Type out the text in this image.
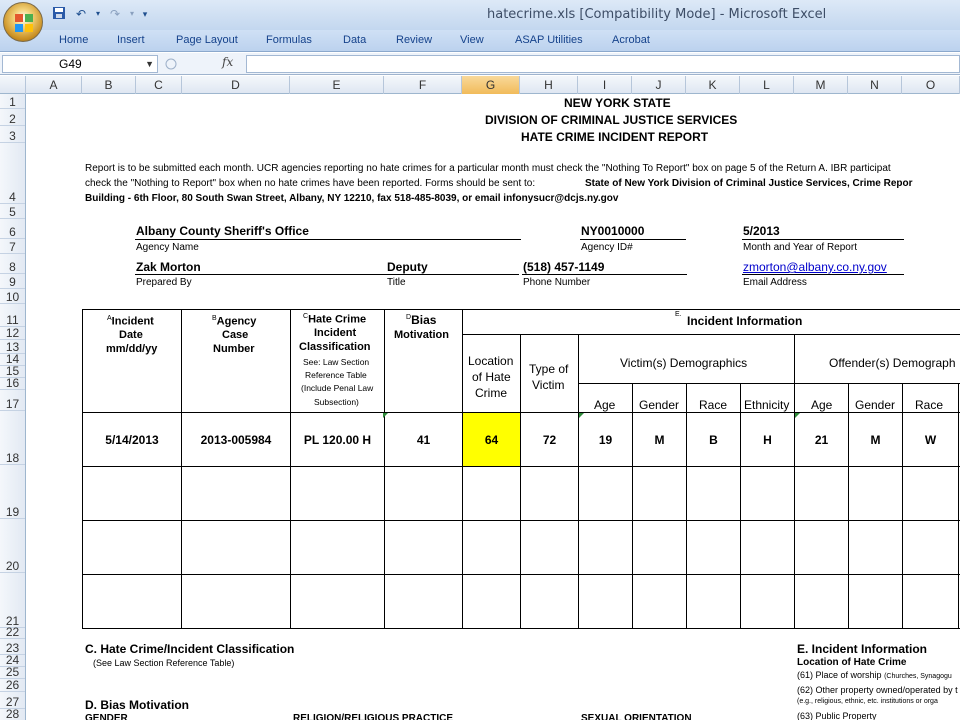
↶	▾ ↷	▾ ▾	hatecrime.xls [Compatibility Mode] - Microsoft Excel
Home	Insert	Page Layout	Formulas	Data	Review	View	ASAP Utilities	Acrobat
G49	▼	fx
A	B	C	D	E	F	G	H	I	J	K	L	M	N	O
1
2
3
4
5
6
7
8
9
10
11
12
13
14
15
16
17
18
19
20
21
22
23
24
25
26
27
28
NEW YORK STATE
DIVISION OF CRIMINAL JUSTICE SERVICES
HATE CRIME INCIDENT REPORT
Report is to be submitted each month. UCR agencies reporting no hate crimes for a particular month must check the "Nothing To Report" box on page 5 of the Return A. IBR participat
check the "Nothing to Report" box when no hate crimes have been reported. Forms should be sent to:	State of New York Division of Criminal Justice Services, Crime Repor
Building - 6th Floor, 80 South Swan Street, Albany, NY 12210, fax 518-485-8039, or email infonysucr@dcjs.ny.gov
Albany County Sheriff's Office
Agency Name
NY0010000
Agency ID#
5/2013
Month and Year of Report
Zak Morton	Deputy
Prepared By	Title
(518) 457-1149
Phone Number
zmorton@albany.co.ny.gov
Email Address
$^A$Incident
Date
mm/dd/yy
$^B$Agency
Case
Number
$^C$Hate Crime
Incident
Classification
See: Law Section
Reference Table
(Include Penal Law
Subsection)
$^D$Bias
Motivation
E. Incident Information
Location
of Hate
Crime
Type of
Victim
Victim(s) Demographics	Offender(s) Demograph
Age Gender Race Ethnicity Age Gender Race
5/14/2013	2013-005984	PL 120.00 H	41	64	72	19	M	B	H	21	M	W
C. Hate Crime/Incident Classification
(See Law Section Reference Table)
D. Bias Motivation
GENDER	RELIGION/RELIGIOUS PRACTICE	SEXUAL ORIENTATION
E. Incident Information
Location of Hate Crime
(61) Place of worship (Churches, Synagogu
(62) Other property owned/operated by t
(e.g., religious, ethnic, etc. institutions or orga
(63) Public Property
